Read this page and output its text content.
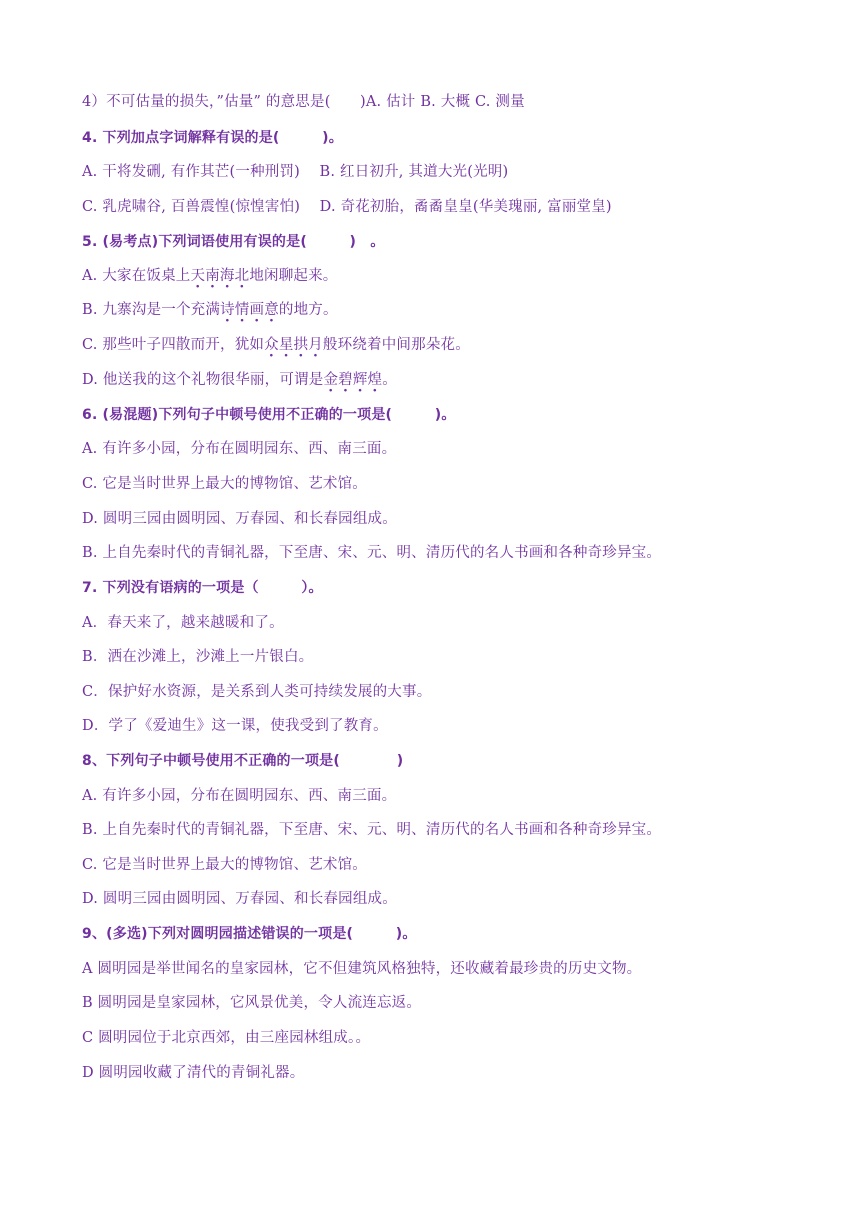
4）不可估量的损失，”估量” 的意思是(　　)A. 估计 B. 大概 C. 测量
4. 下列加点字词解释有误的是(　　　)。
A. 干将发硎, 有作其芒(一种刑罚)　 B. 红日初升, 其道大光(光明)
C. 乳虎啸谷, 百兽震惶(惊惶害怕)　 D. 奇花初胎，矞矞皇皇(华美瑰丽, 富丽堂皇)
5. (易考点)下列词语使用有误的是(　　　)　。
A. 大家在饭桌上天南海北地闲聊起来。
B. 九寨沟是一个充满诗情画意的地方。
C. 那些叶子四散而开，犹如众星拱月般环绕着中间那朵花。
D. 他送我的这个礼物很华丽，可谓是金碧辉煌。
6. (易混题)下列句子中顿号使用不正确的一项是(　　　)。
A. 有许多小园，分布在圆明园东、西、南三面。
C. 它是当时世界上最大的博物馆、艺术馆。
D. 圆明三园由圆明园、万春园、和长春园组成。
B. 上自先秦时代的青铜礼器，下至唐、宋、元、明、清历代的名人书画和各种奇珍异宝。
7. 下列没有语病的一项是（　　　）。
A．春天来了，越来越暖和了。
B．洒在沙滩上，沙滩上一片银白。
C．保护好水资源，是关系到人类可持续发展的大事。
D．学了《爱迪生》这一课，使我受到了教育。
8、下列句子中顿号使用不正确的一项是(　　　　)
A. 有许多小园，分布在圆明园东、西、南三面。
B. 上自先秦时代的青铜礼器，下至唐、宋、元、明、清历代的名人书画和各种奇珍异宝。
C. 它是当时世界上最大的博物馆、艺术馆。
D. 圆明三园由圆明园、万春园、和长春园组成。
9、(多选)下列对圆明园描述错误的一项是(　　　)。
A 圆明园是举世闻名的皇家园林，它不但建筑风格独特，还收藏着最珍贵的历史文物。
B 圆明园是皇家园林，它风景优美，令人流连忘返。
C 圆明园位于北京西郊，由三座园林组成。。
D 圆明园收藏了清代的青铜礼器。
